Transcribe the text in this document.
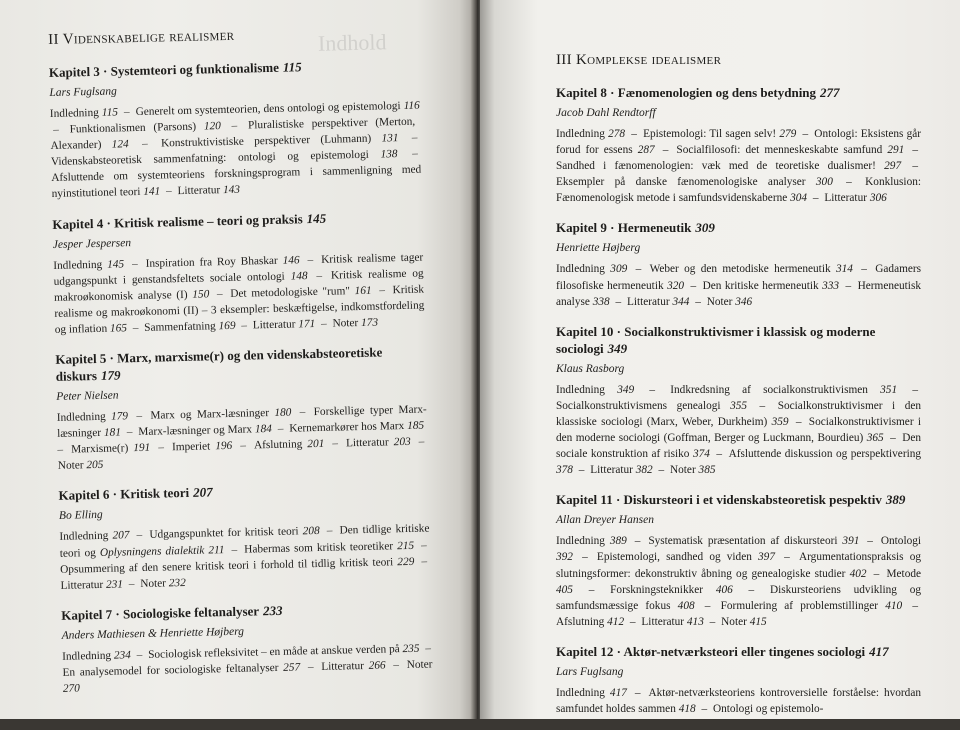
Indhold
II Videnskabelige realismer
Kapitel 3 · Systemteori og funktionalisme 115
Lars Fuglsang
Indledning 115 – Generelt om systemteorien, dens ontologi og epistemologi 116 – Funktionalismen (Parsons) 120 – Pluralistiske perspektiver (Merton, Alexander) 124 – Konstruktivistiske perspektiver (Luhmann) 131 – Videnskabsteoretisk sammenfatning: ontologi og epistemologi 138 – Afsluttende om systemteoriens forskningsprogram i sammenligning med nyinstitutionel teori 141 – Litteratur 143
Kapitel 4 · Kritisk realisme – teori og praksis 145
Jesper Jespersen
Indledning 145 – Inspiration fra Roy Bhaskar 146 – Kritisk realisme tager udgangspunkt i genstandsfeltets sociale ontologi 148 – Kritisk realisme og makroøkonomisk analyse (I) 150 – Det metodologiske "rum" 161 – Kritisk realisme og makroøkonomi (II) – 3 eksempler: beskæftigelse, indkomstfordeling og inflation 165 – Sammenfatning 169 – Litteratur 171 – Noter 173
Kapitel 5 · Marx, marxisme(r) og den videnskabsteoretiske diskurs 179
Peter Nielsen
Indledning 179 – Marx og Marx-læsninger 180 – Forskellige typer Marx-læsninger 181 – Marx-læsninger og Marx 184 – Kernemarkører hos Marx 185 – Marxisme(r) 191 – Imperiet 196 – Afslutning 201 – Litteratur 203 – Noter 205
Kapitel 6 · Kritisk teori 207
Bo Elling
Indledning 207 – Udgangspunktet for kritisk teori 208 – Den tidlige kritiske teori og Oplysningens dialektik 211 – Habermas som kritisk teoretiker 215 – Opsummering af den senere kritisk teori i forhold til tidlig kritisk teori 229 – Litteratur 231 – Noter 232
Kapitel 7 · Sociologiske feltanalyser 233
Anders Mathiesen & Henriette Højberg
Indledning 234 – Sociologisk refleksivitet – en måde at anskue verden på 235 – En analysemodel for sociologiske feltanalyser 257 – Litteratur 266 – Noter 270
III Komplekse idealismer
Kapitel 8 · Fænomenologien og dens betydning 277
Jacob Dahl Rendtorff
Indledning 278 – Epistemologi: Til sagen selv! 279 – Ontologi: Eksistens går forud for essens 287 – Socialfilosofi: det menneskeskabte samfund 291 – Sandhed i fænomenologien: væk med de teoretiske dualismer! 297 – Eksempler på danske fænomenologiske analyser 300 – Konklusion: Fænomenologisk metode i samfundsvidenskaberne 304 – Litteratur 306
Kapitel 9 · Hermeneutik 309
Henriette Højberg
Indledning 309 – Weber og den metodiske hermeneutik 314 – Gadamers filosofiske hermeneutik 320 – Den kritiske hermeneutik 333 – Hermeneutisk analyse 338 – Litteratur 344 – Noter 346
Kapitel 10 · Socialkonstruktivismer i klassisk og moderne sociologi 349
Klaus Rasborg
Indledning 349 – Indkredsning af socialkonstruktivismen 351 – Socialkonstruktivismens genealogi 355 – Socialkonstruktivismer i den klassiske sociologi (Marx, Weber, Durkheim) 359 – Socialkonstruktivismer i den moderne sociologi (Goffman, Berger og Luckmann, Bourdieu) 365 – Den sociale konstruktion af risiko 374 – Afsluttende diskussion og perspektivering 378 – Litteratur 382 – Noter 385
Kapitel 11 · Diskursteori i et videnskabsteoretisk pespektiv 389
Allan Dreyer Hansen
Indledning 389 – Systematisk præsentation af diskursteori 391 – Ontologi 392 – Epistemologi, sandhed og viden 397 – Argumentationspraksis og slutningsformer: dekonstruktiv åbning og genealogiske studier 402 – Metode 405 – Forskningsteknikker 406 – Diskursteoriens udvikling og samfundsmæssige fokus 408 – Formulering af problemstillinger 410 – Afslutning 412 – Litteratur 413 – Noter 415
Kapitel 12 · Aktør-netværksteori eller tingenes sociologi 417
Lars Fuglsang
Indledning 417 – Aktør-netværksteoriens kontroversielle forståelse: hvordan samfundet holdes sammen 418 – Ontologi og epistemolo-
